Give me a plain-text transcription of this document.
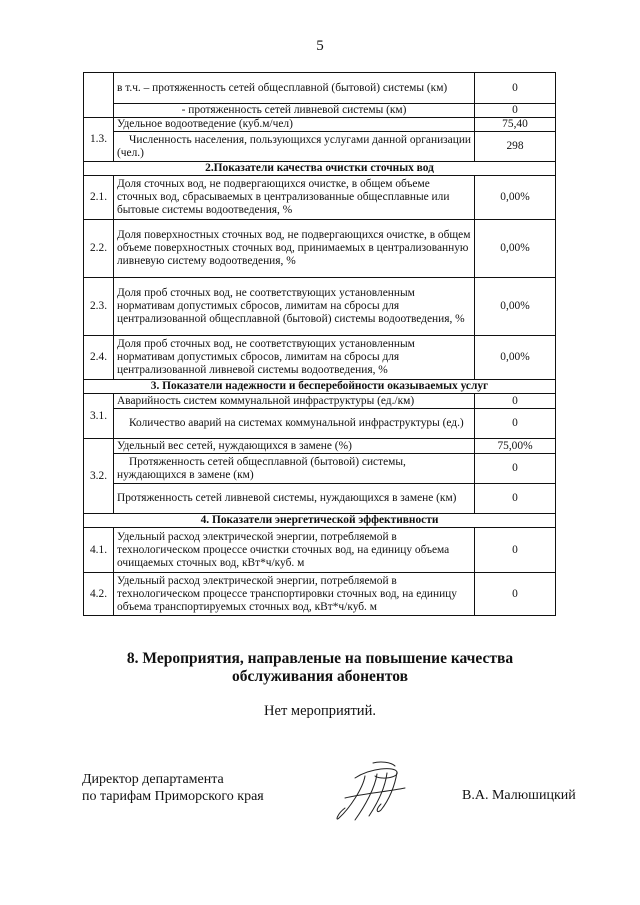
5
	в т.ч. – протяженность сетей общесплавной (бытовой) системы (км)	0
	- протяженность сетей ливневой системы (км)	0
1.3.	Удельное водоотведение (куб.м/чел)	75,40
	Численность населения, пользующихся услугами данной организации (чел.)	298
2.Показатели качества очистки сточных вод		
2.1.	Доля сточных вод, не подвергающихся очистке, в общем объеме сточных вод, сбрасываемых в централизованные общесплавные или бытовые системы водоотведения, %	0,00%
2.2.	Доля поверхностных сточных вод, не подвергающихся очистке, в общем объеме поверхностных сточных вод, принимаемых в централизованную ливневую систему водоотведения, %	0,00%
2.3.	Доля проб сточных вод, не соответствующих установленным нормативам допустимых сбросов, лимитам на сбросы для централизованной общесплавной (бытовой) системы водоотведения, %	0,00%
2.4.	Доля проб сточных вод, не соответствующих установленным нормативам допустимых сбросов, лимитам на сбросы для централизованной ливневой системы водоотведения, %	0,00%
3. Показатели надежности и бесперебойности оказываемых услуг		
3.1.	Аварийность систем коммунальной инфраструктуры (ед./км)	0
	Количество аварий на системах коммунальной инфраструктуры (ед.)	0
3.2.	Удельный вес сетей, нуждающихся в замене (%)	75,00%
	Протяженность сетей общесплавной (бытовой) системы, нуждающихся в замене (км)	0
	Протяженность сетей ливневой системы, нуждающихся в замене (км)	0
4. Показатели энергетической эффективности		
4.1.	Удельный расход электрической энергии, потребляемой в технологическом процессе очистки сточных вод, на единицу объема очищаемых сточных вод, кВт*ч/куб. м	0
4.2.	Удельный расход электрической энергии, потребляемой в технологическом процессе транспортировки сточных вод, на единицу объема транспортируемых сточных вод, кВт*ч/куб. м	0
8. Мероприятия, направленые на повышение качества
обслуживания абонентов
Нет мероприятий.
Директор департамента
по тарифам Приморского края	В.А. Малюшицкий
